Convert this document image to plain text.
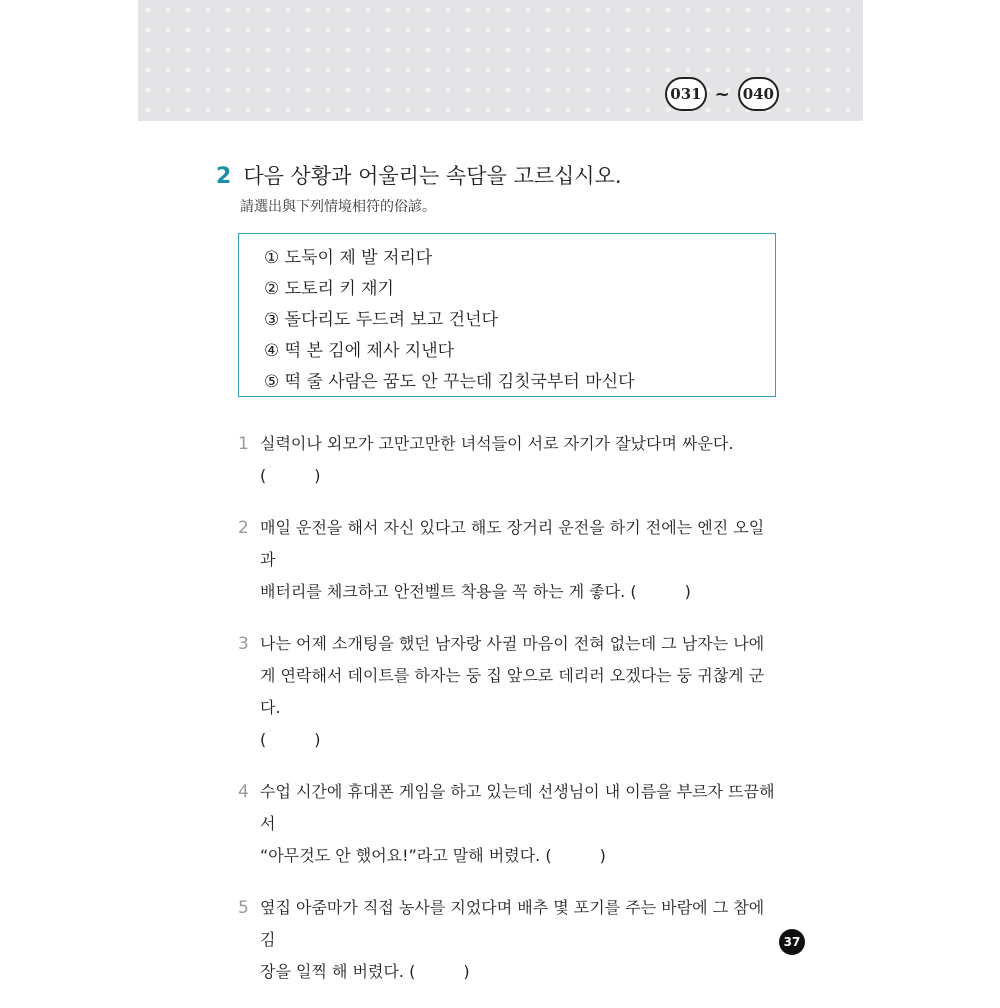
031 ~ 040
2 다음 상황과 어울리는 속담을 고르십시오.
請選出與下列情境相符的俗諺。
① 도둑이 제 발 저리다
② 도토리 키 재기
③ 돌다리도 두드려 보고 건넌다
④ 떡 본 김에 제사 지낸다
⑤ 떡 줄 사람은 꿈도 안 꾸는데 김칫국부터 마신다
1 실력이나 외모가 고만고만한 녀석들이 서로 자기가 잘났다며 싸운다. (   )
2 매일 운전을 해서 자신 있다고 해도 장거리 운전을 하기 전에는 엔진 오일과
배터리를 체크하고 안전벨트 착용을 꼭 하는 게 좋다. (   )
3 나는 어제 소개팅을 했던 남자랑 사귈 마음이 전혀 없는데 그 남자는 나에
게 연락해서 데이트를 하자는 둥 집 앞으로 데리러 오겠다는 둥 귀찮게 군다.
(   )
4 수업 시간에 휴대폰 게임을 하고 있는데 선생님이 내 이름을 부르자 뜨끔해서
“아무것도 안 했어요!”라고 말해 버렸다. (   )
5 옆집 아줌마가 직접 농사를 지었다며 배추 몇 포기를 주는 바람에 그 참에 김
장을 일찍 해 버렸다. (   )
37
